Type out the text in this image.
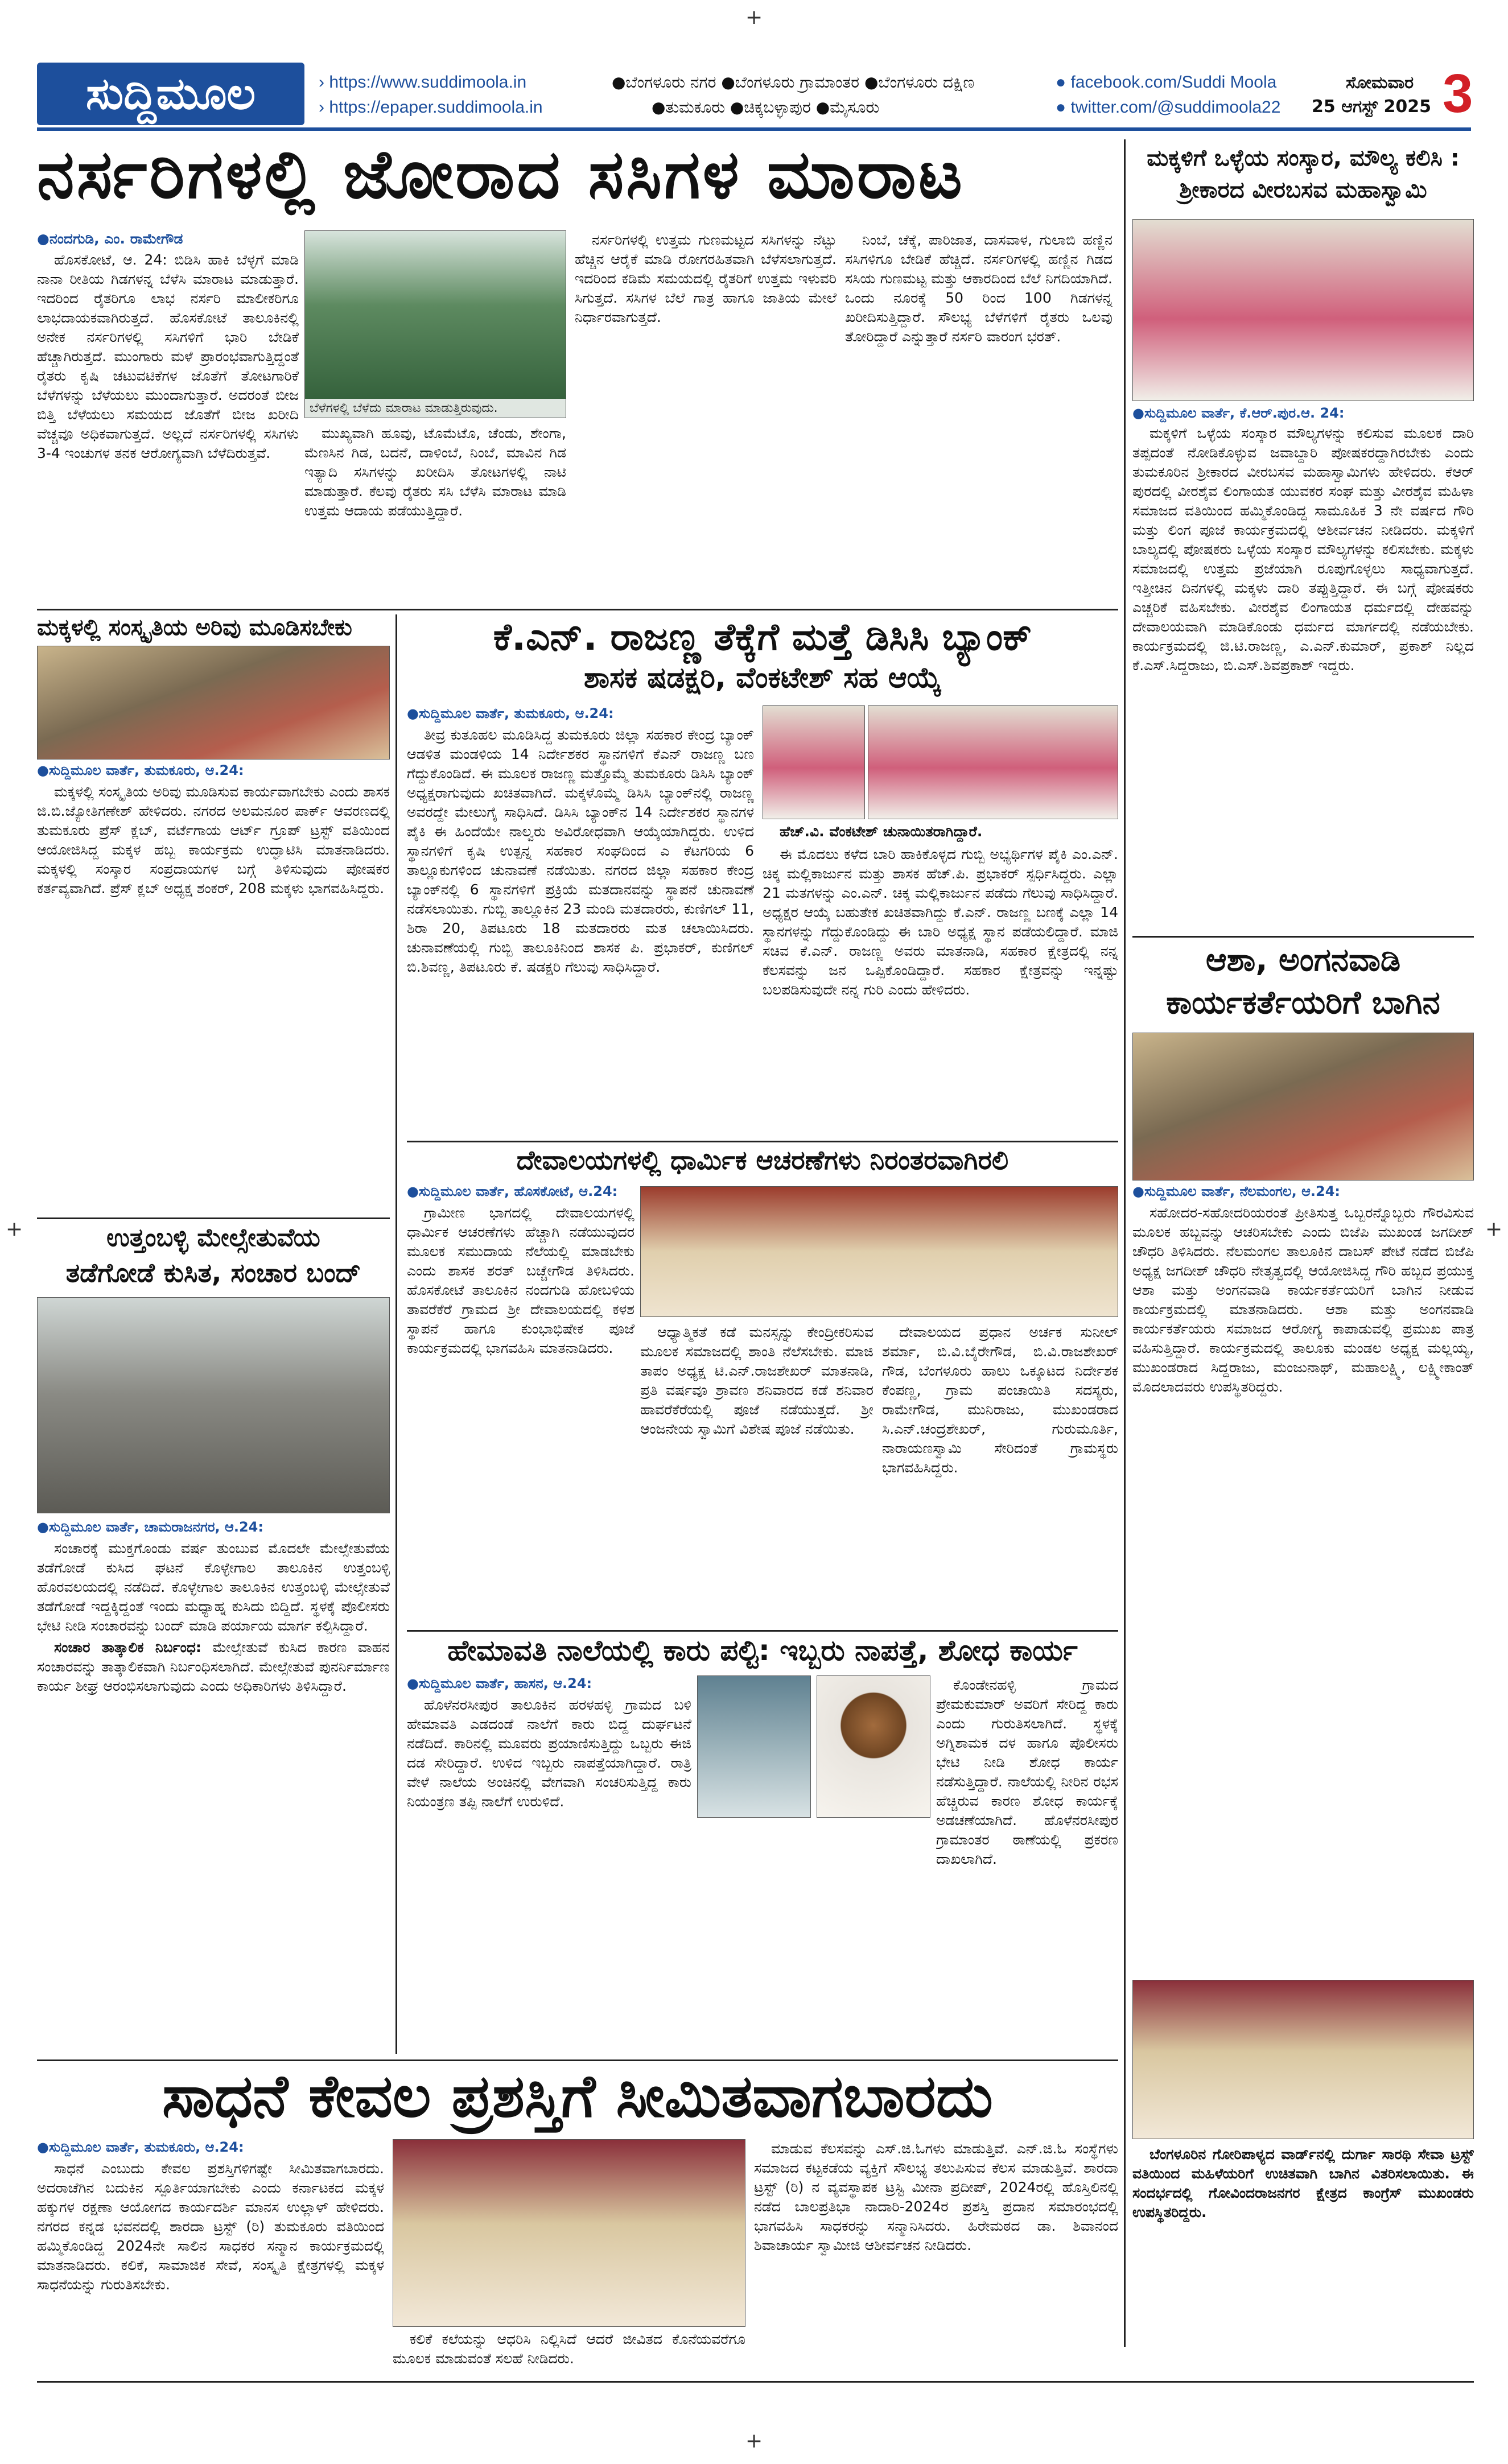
+
+
+	+
ಸುದ್ದಿಮೂಲ	› https://www.suddimoola.in
› https://epaper.suddimoola.in
●ಬೆಂಗಳೂರು ನಗರ ●ಬೆಂಗಳೂರು ಗ್ರಾಮಾಂತರ ●ಬೆಂಗಳೂರು ದಕ್ಷಿಣ
●ತುಮಕೂರು ●ಚಿಕ್ಕಬಳ್ಳಾಪುರ ●ಮೈಸೂರು
● facebook.com/Suddi Moola
● twitter.com/@suddimoola22
ಸೋಮವಾರ
25 ಆಗಸ್ಟ್ 2025 3
ನರ್ಸರಿಗಳಲ್ಲಿ ಜೋರಾದ ಸಸಿಗಳ ಮಾರಾಟ
●ನಂದಗುಡಿ, ಎಂ. ರಾಮೇಗೌಡ

ಹೊಸಕೋಟೆ, ಆ. 24: ಬಿಡಿಸಿ ಹಾಕಿ ಬೆಳ್ಳಗೆ ಮಾಡಿ ನಾನಾ ರೀತಿಯ ಗಿಡಗಳನ್ನ ಬೆಳೆಸಿ ಮಾರಾಟ ಮಾಡುತ್ತಾರೆ. ಇದರಿಂದ ರೈತರಿಗೂ ಲಾಭ ನರ್ಸರಿ ಮಾಲೀಕರಿಗೂ ಲಾಭದಾಯಕವಾಗಿರುತ್ತದೆ. ಹೊಸಕೋಟೆ ತಾಲೂಕಿನಲ್ಲಿ ಅನೇಕ ನರ್ಸರಿಗಳಲ್ಲಿ ಸಸಿಗಳಿಗೆ ಭಾರಿ ಬೇಡಿಕೆ ಹೆಚ್ಚಾಗಿರುತ್ತದೆ. ಮುಂಗಾರು ಮಳೆ ಪ್ರಾರಂಭವಾಗುತ್ತಿದ್ದಂತೆ ರೈತರು ಕೃಷಿ ಚಟುವಟಿಕೆಗಳ ಜೊತೆಗೆ ತೋಟಗಾರಿಕೆ ಬೆಳೆಗಳನ್ನು ಬೆಳೆಯಲು ಮುಂದಾಗುತ್ತಾರೆ. ಅದರಂತೆ ಬೀಜ ಬಿತ್ತಿ ಬೆಳೆಯಲು ಸಮಯದ ಜೊತೆಗೆ ಬೀಜ ಖರೀದಿ ವೆಚ್ಚವೂ ಅಧಿಕವಾಗುತ್ತದೆ. ಅಲ್ಲದೆ ನರ್ಸರಿಗಳಲ್ಲಿ ಸಸಿಗಳು 3-4 ಇಂಚುಗಳ ತನಕ ಆರೋಗ್ಯವಾಗಿ ಬೆಳೆದಿರುತ್ತವೆ.

ಬೆಳೆಗಳಲ್ಲಿ ಬೆಳೆದು ಮಾರಾಟ ಮಾಡುತ್ತಿರುವುದು.

ಮುಖ್ಯವಾಗಿ ಹೂವು, ಟೊಮೆಟೊ, ಚೆಂಡು, ಶೇಂಗಾ, ಮೆಣಸಿನ ಗಿಡ, ಬದನೆ, ದಾಳಿಂಬೆ, ನಿಂಬೆ, ಮಾವಿನ ಗಿಡ ಇತ್ಯಾದಿ ಸಸಿಗಳನ್ನು ಖರೀದಿಸಿ ತೋಟಗಳಲ್ಲಿ ನಾಟಿ ಮಾಡುತ್ತಾರೆ. ಕೆಲವು ರೈತರು ಸಸಿ ಬೆಳೆಸಿ ಮಾರಾಟ ಮಾಡಿ ಉತ್ತಮ ಆದಾಯ ಪಡೆಯುತ್ತಿದ್ದಾರೆ.

ನರ್ಸರಿಗಳಲ್ಲಿ ಉತ್ತಮ ಗುಣಮಟ್ಟದ ಸಸಿಗಳನ್ನು ನೆಟ್ಟು ಹೆಚ್ಚಿನ ಆರೈಕೆ ಮಾಡಿ ರೋಗರಹಿತವಾಗಿ ಬೆಳೆಸಲಾಗುತ್ತದೆ. ಇದರಿಂದ ಕಡಿಮೆ ಸಮಯದಲ್ಲಿ ರೈತರಿಗೆ ಉತ್ತಮ ಇಳುವರಿ ಸಿಗುತ್ತದೆ. ಸಸಿಗಳ ಬೆಲೆ ಗಾತ್ರ ಹಾಗೂ ಜಾತಿಯ ಮೇಲೆ ನಿರ್ಧಾರವಾಗುತ್ತದೆ.

ನಿಂಬೆ, ಚೆಕ್ಕೆ, ಪಾರಿಜಾತ, ದಾಸವಾಳ, ಗುಲಾಬಿ ಹಣ್ಣಿನ ಸಸಿಗಳಿಗೂ ಬೇಡಿಕೆ ಹೆಚ್ಚಿದೆ. ನರ್ಸರಿಗಳಲ್ಲಿ ಹಣ್ಣಿನ ಗಿಡದ ಸಸಿಯ ಗುಣಮಟ್ಟ ಮತ್ತು ಆಕಾರದಿಂದ ಬೆಲೆ ನಿಗದಿಯಾಗಿದೆ. ಒಂದು ನೂರಕ್ಕೆ 50 ರಿಂದ 100 ಗಿಡಗಳನ್ನ ಖರೀದಿಸುತ್ತಿದ್ದಾರೆ. ಸೌಲಭ್ಯ ಬೆಳೆಗಳಿಗೆ ರೈತರು ಒಲವು ತೋರಿದ್ದಾರೆ ಎನ್ನುತ್ತಾರೆ ನರ್ಸರಿ ವಾರಂಗ ಭರತ್.

ಮಕ್ಕಳಿಗೆ ಒಳ್ಳೆಯ ಸಂಸ್ಕಾರ, ಮೌಲ್ಯ ಕಲಿಸಿ : ಶ್ರೀಕಾರದ ವೀರಬಸವ ಮಹಾಸ್ವಾಮಿ
●ಸುದ್ದಿಮೂಲ ವಾರ್ತೆ, ಕೆ.ಆರ್.ಪುರ.ಆ. 24:

ಮಕ್ಕಳಿಗೆ ಒಳ್ಳೆಯ ಸಂಸ್ಕಾರ ಮೌಲ್ಯಗಳನ್ನು ಕಲಿಸುವ ಮೂಲಕ ದಾರಿ ತಪ್ಪದಂತೆ ನೋಡಿಕೊಳ್ಳುವ ಜವಾಬ್ದಾರಿ ಪೋಷಕರದ್ದಾಗಿರಬೇಕು ಎಂದು ತುಮಕೂರಿನ ಶ್ರೀಕಾರದ ವೀರಬಸವ ಮಹಾಸ್ವಾಮಿಗಳು ಹೇಳಿದರು. ಕೆಆರ್ ಪುರದಲ್ಲಿ ವೀರಶೈವ ಲಿಂಗಾಯತ ಯುವಕರ ಸಂಘ ಮತ್ತು ವೀರಶೈವ ಮಹಿಳಾ ಸಮಾಜದ ವತಿಯಿಂದ ಹಮ್ಮಿಕೊಂಡಿದ್ದ ಸಾಮೂಹಿಕ 3 ನೇ ವರ್ಷದ ಗೌರಿ ಮತ್ತು ಲಿಂಗ ಪೂಜೆ ಕಾರ್ಯಕ್ರಮದಲ್ಲಿ ಆಶೀರ್ವಚನ ನೀಡಿದರು. ಮಕ್ಕಳಿಗೆ ಬಾಲ್ಯದಲ್ಲಿ ಪೋಷಕರು ಒಳ್ಳೆಯ ಸಂಸ್ಕಾರ ಮೌಲ್ಯಗಳನ್ನು ಕಲಿಸಬೇಕು. ಮಕ್ಕಳು ಸಮಾಜದಲ್ಲಿ ಉತ್ತಮ ಪ್ರಜೆಯಾಗಿ ರೂಪುಗೊಳ್ಳಲು ಸಾಧ್ಯವಾಗುತ್ತದೆ. ಇತ್ತೀಚಿನ ದಿನಗಳಲ್ಲಿ ಮಕ್ಕಳು ದಾರಿ ತಪ್ಪುತ್ತಿದ್ದಾರೆ. ಈ ಬಗ್ಗೆ ಪೋಷಕರು ಎಚ್ಚರಿಕೆ ವಹಿಸಬೇಕು. ವೀರಶೈವ ಲಿಂಗಾಯತ ಧರ್ಮದಲ್ಲಿ ದೇಹವನ್ನು ದೇವಾಲಯವಾಗಿ ಮಾಡಿಕೊಂಡು ಧರ್ಮದ ಮಾರ್ಗದಲ್ಲಿ ನಡೆಯಬೇಕು. ಕಾರ್ಯಕ್ರಮದಲ್ಲಿ ಜಿ.ಟಿ.ರಾಜಣ್ಣ, ಎ.ಎನ್.ಕುಮಾರ್, ಪ್ರಕಾಶ್ ನಿಲ್ಲದ ಕೆ.ಎಸ್.ಸಿದ್ದರಾಜು, ಬಿ.ಎಸ್.ಶಿವಪ್ರಕಾಶ್ ಇದ್ದರು.

ಆಶಾ, ಅಂಗನವಾಡಿ
ಕಾರ್ಯಕರ್ತೆಯರಿಗೆ ಬಾಗಿನ
●ಸುದ್ದಿಮೂಲ ವಾರ್ತೆ, ನೆಲಮಂಗಲ, ಆ.24:

ಸಹೋದರ-ಸಹೋದರಿಯರಂತೆ ಪ್ರೀತಿಸುತ್ತ ಒಬ್ಬರನ್ನೊಬ್ಬರು ಗೌರವಿಸುವ ಮೂಲಕ ಹಬ್ಬವನ್ನು ಆಚರಿಸಬೇಕು ಎಂದು ಬಿಜೆಪಿ ಮುಖಂಡ ಜಗದೀಶ್ ಚೌಧರಿ ತಿಳಿಸಿದರು. ನೆಲಮಂಗಲ ತಾಲೂಕಿನ ದಾಬಸ್ ಪೇಟೆ ನಡೆದ ಬಿಜೆಪಿ ಅಧ್ಯಕ್ಷ ಜಗದೀಶ್ ಚೌಧರಿ ನೇತೃತ್ವದಲ್ಲಿ ಆಯೋಜಿಸಿದ್ದ ಗೌರಿ ಹಬ್ಬದ ಪ್ರಯುಕ್ತ ಆಶಾ ಮತ್ತು ಅಂಗನವಾಡಿ ಕಾರ್ಯಕರ್ತೆಯರಿಗೆ ಬಾಗಿನ ನೀಡುವ ಕಾರ್ಯಕ್ರಮದಲ್ಲಿ ಮಾತನಾಡಿದರು. ಆಶಾ ಮತ್ತು ಅಂಗನವಾಡಿ ಕಾರ್ಯಕರ್ತೆಯರು ಸಮಾಜದ ಆರೋಗ್ಯ ಕಾಪಾಡುವಲ್ಲಿ ಪ್ರಮುಖ ಪಾತ್ರ ವಹಿಸುತ್ತಿದ್ದಾರೆ. ಕಾರ್ಯಕ್ರಮದಲ್ಲಿ ತಾಲೂಕು ಮಂಡಲ ಅಧ್ಯಕ್ಷ ಮಲ್ಲಯ್ಯ, ಮುಖಂಡರಾದ ಸಿದ್ದರಾಜು, ಮಂಜುನಾಥ್, ಮಹಾಲಕ್ಷ್ಮಿ, ಲಕ್ಷ್ಮೀಕಾಂತ್ ಮೊದಲಾದವರು ಉಪಸ್ಥಿತರಿದ್ದರು.

ಬೆಂಗಳೂರಿನ ಗೋರಿಪಾಳ್ಯದ ವಾರ್ಡ್‌ನಲ್ಲಿ ದುರ್ಗಾ ಸಾರಥಿ ಸೇವಾ ಟ್ರಸ್ಟ್ ವತಿಯಿಂದ ಮಹಿಳೆಯರಿಗೆ ಉಚಿತವಾಗಿ ಬಾಗಿನ ವಿತರಿಸಲಾಯಿತು. ಈ ಸಂದರ್ಭದಲ್ಲಿ ಗೋವಿಂದರಾಜನಗರ ಕ್ಷೇತ್ರದ ಕಾಂಗ್ರೆಸ್ ಮುಖಂಡರು ಉಪಸ್ಥಿತರಿದ್ದರು.

ಮಕ್ಕಳಲ್ಲಿ ಸಂಸ್ಕೃತಿಯ ಅರಿವು ಮೂಡಿಸಬೇಕು
●ಸುದ್ದಿಮೂಲ ವಾರ್ತೆ, ತುಮಕೂರು, ಆ.24:

ಮಕ್ಕಳಲ್ಲಿ ಸಂಸ್ಕೃತಿಯ ಅರಿವು ಮೂಡಿಸುವ ಕಾರ್ಯವಾಗಬೇಕು ಎಂದು ಶಾಸಕ ಜಿ.ಬಿ.ಜ್ಯೋತಿಗಣೇಶ್ ಹೇಳಿದರು. ನಗರದ ಅಲಮನೂರ ಪಾರ್ಕ್ ಆವರಣದಲ್ಲಿ ತುಮಕೂರು ಪ್ರೆಸ್ ಕ್ಲಬ್, ವರ್ಟೆಗಾಯ ಆರ್ಟ್ ಗ್ರೂಪ್ ಟ್ರಸ್ಟ್ ವತಿಯಿಂದ ಆಯೋಜಿಸಿದ್ದ ಮಕ್ಕಳ ಹಬ್ಬ ಕಾರ್ಯಕ್ರಮ ಉದ್ಘಾಟಿಸಿ ಮಾತನಾಡಿದರು. ಮಕ್ಕಳಲ್ಲಿ ಸಂಸ್ಕಾರ ಸಂಪ್ರದಾಯಗಳ ಬಗ್ಗೆ ತಿಳಿಸುವುದು ಪೋಷಕರ ಕರ್ತವ್ಯವಾಗಿದೆ. ಪ್ರೆಸ್ ಕ್ಲಬ್ ಅಧ್ಯಕ್ಷ ಶಂಕರ್, 208 ಮಕ್ಕಳು ಭಾಗವಹಿಸಿದ್ದರು.

ಉತ್ತಂಬಳ್ಳಿ ಮೇಲ್ಸೇತುವೆಯ
ತಡೆಗೋಡೆ ಕುಸಿತ, ಸಂಚಾರ ಬಂದ್
●ಸುದ್ದಿಮೂಲ ವಾರ್ತೆ, ಚಾಮರಾಜನಗರ, ಆ.24:

ಸಂಚಾರಕ್ಕೆ ಮುಕ್ತಗೊಂಡು ವರ್ಷ ತುಂಬುವ ಮೊದಲೇ ಮೇಲ್ಸೇತುವೆಯ ತಡೆಗೋಡೆ ಕುಸಿದ ಘಟನೆ ಕೊಳ್ಳೇಗಾಲ ತಾಲೂಕಿನ ಉತ್ತಂಬಳ್ಳಿ ಹೊರವಲಯದಲ್ಲಿ ನಡೆದಿದೆ. ಕೊಳ್ಳೇಗಾಲ ತಾಲೂಕಿನ ಉತ್ತಂಬಳ್ಳಿ ಮೇಲ್ಸೇತುವೆ ತಡೆಗೋಡೆ ಇದ್ದಕ್ಕಿದ್ದಂತೆ ಇಂದು ಮಧ್ಯಾಹ್ನ ಕುಸಿದು ಬಿದ್ದಿದೆ. ಸ್ಥಳಕ್ಕೆ ಪೊಲೀಸರು ಭೇಟಿ ನೀಡಿ ಸಂಚಾರವನ್ನು ಬಂದ್ ಮಾಡಿ ಪರ್ಯಾಯ ಮಾರ್ಗ ಕಲ್ಪಿಸಿದ್ದಾರೆ.

ಸಂಚಾರ ತಾತ್ಕಾಲಿಕ ನಿರ್ಬಂಧ: ಮೇಲ್ಸೇತುವೆ ಕುಸಿದ ಕಾರಣ ವಾಹನ ಸಂಚಾರವನ್ನು ತಾತ್ಕಾಲಿಕವಾಗಿ ನಿರ್ಬಂಧಿಸಲಾಗಿದೆ. ಮೇಲ್ಸೇತುವೆ ಪುನರ್ನಿರ್ಮಾಣ ಕಾರ್ಯ ಶೀಘ್ರ ಆರಂಭಿಸಲಾಗುವುದು ಎಂದು ಅಧಿಕಾರಿಗಳು ತಿಳಿಸಿದ್ದಾರೆ.

ಕೆ.ಎನ್. ರಾಜಣ್ಣ ತೆಕ್ಕೆಗೆ ಮತ್ತೆ ಡಿಸಿಸಿ ಬ್ಯಾಂಕ್
ಶಾಸಕ ಷಡಕ್ಷರಿ, ವೆಂಕಟೇಶ್ ಸಹ ಆಯ್ಕೆ
●ಸುದ್ದಿಮೂಲ ವಾರ್ತೆ, ತುಮಕೂರು, ಆ.24:

ತೀವ್ರ ಕುತೂಹಲ ಮೂಡಿಸಿದ್ದ ತುಮಕೂರು ಜಿಲ್ಲಾ ಸಹಕಾರ ಕೇಂದ್ರ ಬ್ಯಾಂಕ್ ಆಡಳಿತ ಮಂಡಳಿಯ 14 ನಿರ್ದೇಶಕರ ಸ್ಥಾನಗಳಿಗೆ ಕೆಎನ್ ರಾಜಣ್ಣ ಬಣ ಗೆದ್ದುಕೊಂಡಿದೆ. ಈ ಮೂಲಕ ರಾಜಣ್ಣ ಮತ್ತೊಮ್ಮೆ ತುಮಕೂರು ಡಿಸಿಸಿ ಬ್ಯಾಂಕ್ ಅಧ್ಯಕ್ಷರಾಗುವುದು ಖಚಿತವಾಗಿದೆ. ಮಕ್ಕಳೊಮ್ಮೆ ಡಿಸಿಸಿ ಬ್ಯಾಂಕ್‌ನಲ್ಲಿ ರಾಜಣ್ಣ ಅವರದ್ದೇ ಮೇಲುಗೈ ಸಾಧಿಸಿದೆ. ಡಿಸಿಸಿ ಬ್ಯಾಂಕ್‌ನ 14 ನಿರ್ದೇಶಕರ ಸ್ಥಾನಗಳ ಪೈಕಿ ಈ ಹಿಂದೆಯೇ ನಾಲ್ವರು ಅವಿರೋಧವಾಗಿ ಆಯ್ಕೆಯಾಗಿದ್ದರು. ಉಳಿದ ಸ್ಥಾನಗಳಿಗೆ ಕೃಷಿ ಉತ್ಪನ್ನ ಸಹಕಾರ ಸಂಘದಿಂದ ಎ ಕೆಟಗರಿಯ 6 ತಾಲ್ಲೂಕುಗಳಿಂದ ಚುನಾವಣೆ ನಡೆಯಿತು. ನಗರದ ಜಿಲ್ಲಾ ಸಹಕಾರ ಕೇಂದ್ರ ಬ್ಯಾಂಕ್‌ನಲ್ಲಿ 6 ಸ್ಥಾನಗಳಿಗೆ ಪ್ರಕ್ರಿಯೆ ಮತದಾನವನ್ನು ಸ್ಥಾಪನೆ ಚುನಾವಣೆ ನಡೆಸಲಾಯಿತು. ಗುಬ್ಬಿ ತಾಲ್ಲೂಕಿನ 23 ಮಂದಿ ಮತದಾರರು, ಕುಣಿಗಲ್ 11, ಶಿರಾ 20, ತಿಪಟೂರು 18 ಮತದಾರರು ಮತ ಚಲಾಯಿಸಿದರು. ಚುನಾವಣೆಯಲ್ಲಿ ಗುಬ್ಬಿ ತಾಲೂಕಿನಿಂದ ಶಾಸಕ ಪಿ. ಪ್ರಭಾಕರ್, ಕುಣಿಗಲ್ ಬಿ.ಶಿವಣ್ಣ, ತಿಪಟೂರು ಕೆ. ಷಡಕ್ಷರಿ ಗೆಲುವು ಸಾಧಿಸಿದ್ದಾರೆ.

ಹೆಚ್.ವಿ. ವೆಂಕಟೇಶ್ ಚುನಾಯಿತರಾಗಿದ್ದಾರೆ.

ಈ ಮೊದಲು ಕಳೆದ ಬಾರಿ ಹಾಕಿಕೊಳ್ಳದ ಗುಬ್ಬಿ ಅಭ್ಯರ್ಥಿಗಳ ಪೈಕಿ ಎಂ.ಎನ್. ಚಿಕ್ಕ ಮಲ್ಲಿಕಾರ್ಜುನ ಮತ್ತು ಶಾಸಕ ಹೆಚ್.ಪಿ. ಪ್ರಭಾಕರ್ ಸ್ಪರ್ಧಿಸಿದ್ದರು. ಎಲ್ಲಾ 21 ಮತಗಳನ್ನು ಎಂ.ಎನ್. ಚಿಕ್ಕ ಮಲ್ಲಿಕಾರ್ಜುನ ಪಡೆದು ಗೆಲುವು ಸಾಧಿಸಿದ್ದಾರೆ. ಅಧ್ಯಕ್ಷರ ಆಯ್ಕೆ ಬಹುತೇಕ ಖಚಿತವಾಗಿದ್ದು ಕೆ.ಎನ್. ರಾಜಣ್ಣ ಬಣಕ್ಕೆ ಎಲ್ಲಾ 14 ಸ್ಥಾನಗಳನ್ನು ಗೆದ್ದುಕೊಂಡಿದ್ದು ಈ ಬಾರಿ ಅಧ್ಯಕ್ಷ ಸ್ಥಾನ ಪಡೆಯಲಿದ್ದಾರೆ. ಮಾಜಿ ಸಚಿವ ಕೆ.ಎನ್. ರಾಜಣ್ಣ ಅವರು ಮಾತನಾಡಿ, ಸಹಕಾರ ಕ್ಷೇತ್ರದಲ್ಲಿ ನನ್ನ ಕೆಲಸವನ್ನು ಜನ ಒಪ್ಪಿಕೊಂಡಿದ್ದಾರೆ. ಸಹಕಾರ ಕ್ಷೇತ್ರವನ್ನು ಇನ್ನಷ್ಟು ಬಲಪಡಿಸುವುದೇ ನನ್ನ ಗುರಿ ಎಂದು ಹೇಳಿದರು.

ದೇವಾಲಯಗಳಲ್ಲಿ ಧಾರ್ಮಿಕ ಆಚರಣೆಗಳು ನಿರಂತರವಾಗಿರಲಿ
●ಸುದ್ದಿಮೂಲ ವಾರ್ತೆ, ಹೊಸಕೋಟೆ, ಆ.24:

ಗ್ರಾಮೀಣ ಭಾಗದಲ್ಲಿ ದೇವಾಲಯಗಳಲ್ಲಿ ಧಾರ್ಮಿಕ ಆಚರಣೆಗಳು ಹೆಚ್ಚಾಗಿ ನಡೆಯುವುದರ ಮೂಲಕ ಸಮುದಾಯ ನೆಲೆಯಲ್ಲಿ ಮಾಡಬೇಕು ಎಂದು ಶಾಸಕ ಶರತ್ ಬಚ್ಚೇಗೌಡ ತಿಳಿಸಿದರು. ಹೊಸಕೋಟೆ ತಾಲೂಕಿನ ನಂದಗುಡಿ ಹೋಬಳಿಯ ತಾವರೆಕೆರೆ ಗ್ರಾಮದ ಶ್ರೀ ದೇವಾಲಯದಲ್ಲಿ ಕಳಶ ಸ್ಥಾಪನೆ ಹಾಗೂ ಕುಂಭಾಭಿಷೇಕ ಪೂಜೆ ಕಾರ್ಯಕ್ರಮದಲ್ಲಿ ಭಾಗವಹಿಸಿ ಮಾತನಾಡಿದರು.

ಆಧ್ಯಾತ್ಮಿಕತೆ ಕಡೆ ಮನಸ್ಸನ್ನು ಕೇಂದ್ರೀಕರಿಸುವ ಮೂಲಕ ಸಮಾಜದಲ್ಲಿ ಶಾಂತಿ ನೆಲೆಸಬೇಕು. ಮಾಜಿ ತಾಪಂ ಅಧ್ಯಕ್ಷ ಟಿ.ಎನ್.ರಾಜಶೇಖರ್ ಮಾತನಾಡಿ, ಪ್ರತಿ ವರ್ಷವೂ ಶ್ರಾವಣ ಶನಿವಾರದ ಕಡೆ ಶನಿವಾರ ಹಾವರೆಕೆರೆಯಲ್ಲಿ ಪೂಜೆ ನಡೆಯುತ್ತದೆ. ಶ್ರೀ ಆಂಜನೇಯ ಸ್ವಾಮಿಗೆ ವಿಶೇಷ ಪೂಜೆ ನಡೆಯಿತು.

ದೇವಾಲಯದ ಪ್ರಧಾನ ಅರ್ಚಕ ಸುನೀಲ್ ಶರ್ಮಾ, ಬಿ.ವಿ.ಬೈರೇಗೌಡ, ಬಿ.ವಿ.ರಾಜಶೇಖರ್ ಗೌಡ, ಬೆಂಗಳೂರು ಹಾಲು ಒಕ್ಕೂಟದ ನಿರ್ದೇಶಕ ಕೆಂಪಣ್ಣ, ಗ್ರಾಮ ಪಂಚಾಯಿತಿ ಸದಸ್ಯರು, ರಾಮೇಗೌಡ, ಮುನಿರಾಜು, ಮುಖಂಡರಾದ ಸಿ.ಎನ್.ಚಂದ್ರಶೇಖರ್, ಗುರುಮೂರ್ತಿ, ನಾರಾಯಣಸ್ವಾಮಿ ಸೇರಿದಂತೆ ಗ್ರಾಮಸ್ಥರು ಭಾಗವಹಿಸಿದ್ದರು.

ಹೇಮಾವತಿ ನಾಲೆಯಲ್ಲಿ ಕಾರು ಪಲ್ಟಿ: ಇಬ್ಬರು ನಾಪತ್ತೆ, ಶೋಧ ಕಾರ್ಯ
●ಸುದ್ದಿಮೂಲ ವಾರ್ತೆ, ಹಾಸನ, ಆ.24:

ಹೊಳೆನರಸೀಪುರ ತಾಲೂಕಿನ ಹರಳಹಳ್ಳಿ ಗ್ರಾಮದ ಬಳಿ ಹೇಮಾವತಿ ಎಡದಂಡೆ ನಾಲೆಗೆ ಕಾರು ಬಿದ್ದ ದುರ್ಘಟನೆ ನಡೆದಿದೆ. ಕಾರಿನಲ್ಲಿ ಮೂವರು ಪ್ರಯಾಣಿಸುತ್ತಿದ್ದು ಒಬ್ಬರು ಈಜಿ ದಡ ಸೇರಿದ್ದಾರೆ. ಉಳಿದ ಇಬ್ಬರು ನಾಪತ್ತೆಯಾಗಿದ್ದಾರೆ. ರಾತ್ರಿ ವೇಳೆ ನಾಲೆಯ ಅಂಚಿನಲ್ಲಿ ವೇಗವಾಗಿ ಸಂಚರಿಸುತ್ತಿದ್ದ ಕಾರು ನಿಯಂತ್ರಣ ತಪ್ಪಿ ನಾಲೆಗೆ ಉರುಳಿದೆ.

ಕೊಂಡೇನಹಳ್ಳಿ ಗ್ರಾಮದ ಪ್ರೇಮಕುಮಾರ್ ಅವರಿಗೆ ಸೇರಿದ್ದ ಕಾರು ಎಂದು ಗುರುತಿಸಲಾಗಿದೆ. ಸ್ಥಳಕ್ಕೆ ಅಗ್ನಿಶಾಮಕ ದಳ ಹಾಗೂ ಪೊಲೀಸರು ಭೇಟಿ ನೀಡಿ ಶೋಧ ಕಾರ್ಯ ನಡೆಸುತ್ತಿದ್ದಾರೆ. ನಾಲೆಯಲ್ಲಿ ನೀರಿನ ರಭಸ ಹೆಚ್ಚಿರುವ ಕಾರಣ ಶೋಧ ಕಾರ್ಯಕ್ಕೆ ಅಡಚಣೆಯಾಗಿದೆ. ಹೊಳೆನರಸೀಪುರ ಗ್ರಾಮಾಂತರ ಠಾಣೆಯಲ್ಲಿ ಪ್ರಕರಣ ದಾಖಲಾಗಿದೆ.

ಸಾಧನೆ ಕೇವಲ ಪ್ರಶಸ್ತಿಗೆ ಸೀಮಿತವಾಗಬಾರದು
●ಸುದ್ದಿಮೂಲ ವಾರ್ತೆ, ತುಮಕೂರು, ಆ.24:

ಸಾಧನೆ ಎಂಬುದು ಕೇವಲ ಪ್ರಶಸ್ತಿಗಳಿಗಷ್ಟೇ ಸೀಮಿತವಾಗಬಾರದು. ಅದರಾಚೆಗಿನ ಬದುಕಿನ ಸ್ಪೂರ್ತಿಯಾಗಬೇಕು ಎಂದು ಕರ್ನಾಟಕದ ಮಕ್ಕಳ ಹಕ್ಕುಗಳ ರಕ್ಷಣಾ ಆಯೋಗದ ಕಾರ್ಯದರ್ಶಿ ಮಾನಸ ಉಲ್ಲಾಳ್ ಹೇಳಿದರು. ನಗರದ ಕನ್ನಡ ಭವನದಲ್ಲಿ ಶಾರದಾ ಟ್ರಸ್ಟ್ (ರಿ) ತುಮಕೂರು ವತಿಯಿಂದ ಹಮ್ಮಿಕೊಂಡಿದ್ದ 2024ನೇ ಸಾಲಿನ ಸಾಧಕರ ಸನ್ಮಾನ ಕಾರ್ಯಕ್ರಮದಲ್ಲಿ ಮಾತನಾಡಿದರು. ಕಲಿಕೆ, ಸಾಮಾಜಿಕ ಸೇವೆ, ಸಂಸ್ಕೃತಿ ಕ್ಷೇತ್ರಗಳಲ್ಲಿ ಮಕ್ಕಳ ಸಾಧನೆಯನ್ನು ಗುರುತಿಸಬೇಕು.

ಕಲಿಕೆ ಕಲೆಯನ್ನು ಆಧರಿಸಿ ನಿಲ್ಲಿಸಿದೆ ಆದರೆ ಜೀವಿತದ ಕೊನೆಯವರೆಗೂ ಮೂಲಕ ಮಾಡುವಂತೆ ಸಲಹೆ ನೀಡಿದರು.

ಮಾಡುವ ಕೆಲಸವನ್ನು ಎಸ್.ಜಿ.ಓಗಳು ಮಾಡುತ್ತಿವೆ. ಎನ್.ಜಿ.ಓ ಸಂಸ್ಥೆಗಳು ಸಮಾಜದ ಕಟ್ಟಕಡೆಯ ವ್ಯಕ್ತಿಗೆ ಸೌಲಭ್ಯ ತಲುಪಿಸುವ ಕೆಲಸ ಮಾಡುತ್ತಿವೆ. ಶಾರದಾ ಟ್ರಸ್ಟ್ (ರಿ) ನ ವ್ಯವಸ್ಥಾಪಕ ಟ್ರಸ್ಟಿ ಮೀನಾ ಪ್ರದೀಪ್, 2024ರಲ್ಲಿ ಹೊಸ್ತಿಲಿನಲ್ಲಿ ನಡೆದ ಬಾಲಪ್ರತಿಭಾ ನಾದಾರಿ-2024ರ ಪ್ರಶಸ್ತಿ ಪ್ರದಾನ ಸಮಾರಂಭದಲ್ಲಿ ಭಾಗವಹಿಸಿ ಸಾಧಕರನ್ನು ಸನ್ಮಾನಿಸಿದರು. ಹಿರೇಮಠದ ಡಾ. ಶಿವಾನಂದ ಶಿವಾಚಾರ್ಯ ಸ್ವಾಮೀಜಿ ಆಶೀರ್ವಚನ ನೀಡಿದರು.
